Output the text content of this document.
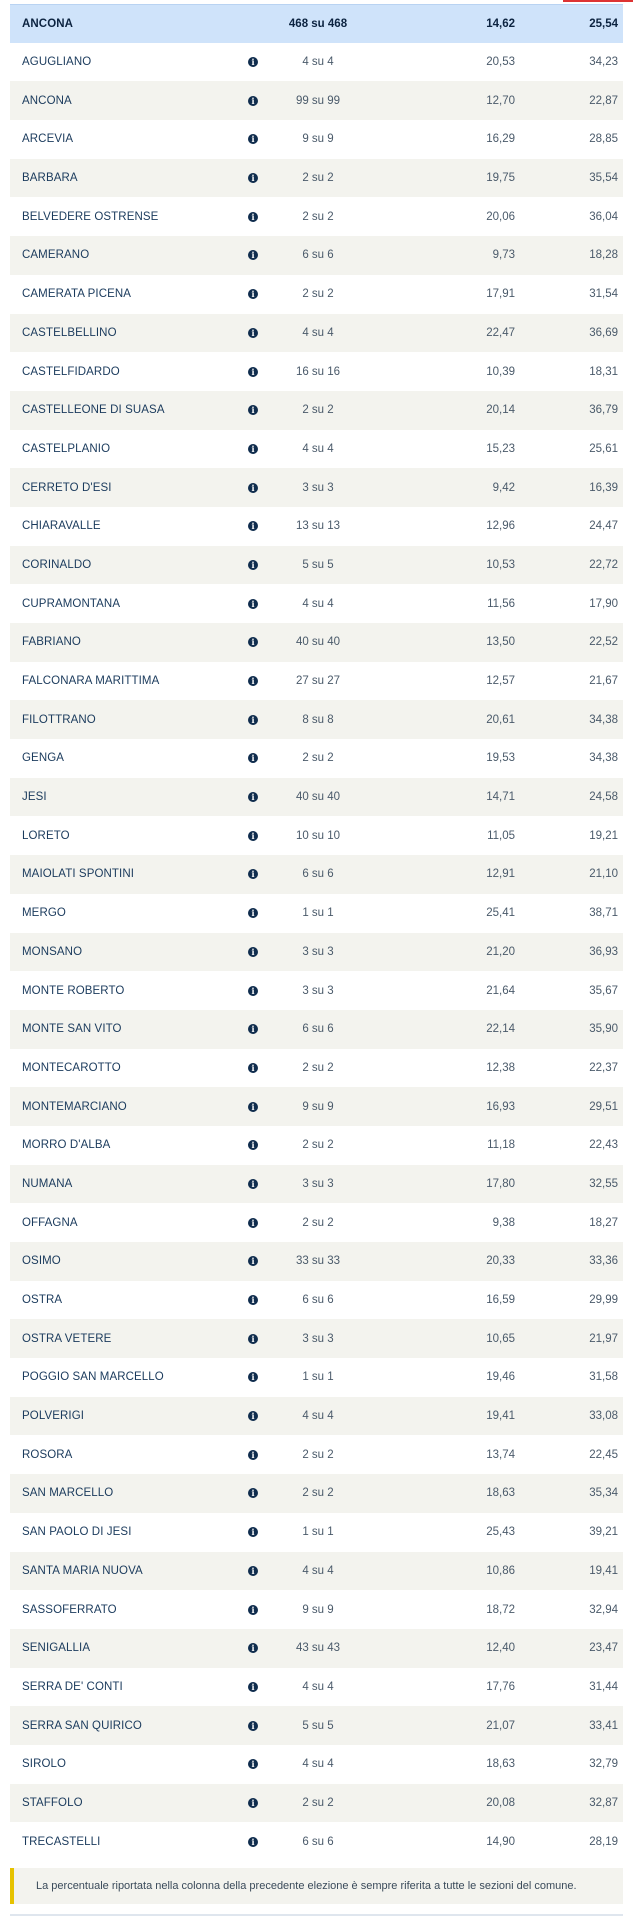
ANCONA	468 su 468	14,62	25,54
AGUGLIANO	i	4 su 4	20,53	34,23
ANCONA	i	99 su 99	12,70	22,87
ARCEVIA	i	9 su 9	16,29	28,85
BARBARA	i	2 su 2	19,75	35,54
BELVEDERE OSTRENSE	i	2 su 2	20,06	36,04
CAMERANO	i	6 su 6	9,73	18,28
CAMERATA PICENA	i	2 su 2	17,91	31,54
CASTELBELLINO	i	4 su 4	22,47	36,69
CASTELFIDARDO	i	16 su 16	10,39	18,31
CASTELLEONE DI SUASA	i	2 su 2	20,14	36,79
CASTELPLANIO	i	4 su 4	15,23	25,61
CERRETO D'ESI	i	3 su 3	9,42	16,39
CHIARAVALLE	i	13 su 13	12,96	24,47
CORINALDO	i	5 su 5	10,53	22,72
CUPRAMONTANA	i	4 su 4	11,56	17,90
FABRIANO	i	40 su 40	13,50	22,52
FALCONARA MARITTIMA	i	27 su 27	12,57	21,67
FILOTTRANO	i	8 su 8	20,61	34,38
GENGA	i	2 su 2	19,53	34,38
JESI	i	40 su 40	14,71	24,58
LORETO	i	10 su 10	11,05	19,21
MAIOLATI SPONTINI	i	6 su 6	12,91	21,10
MERGO	i	1 su 1	25,41	38,71
MONSANO	i	3 su 3	21,20	36,93
MONTE ROBERTO	i	3 su 3	21,64	35,67
MONTE SAN VITO	i	6 su 6	22,14	35,90
MONTECAROTTO	i	2 su 2	12,38	22,37
MONTEMARCIANO	i	9 su 9	16,93	29,51
MORRO D'ALBA	i	2 su 2	11,18	22,43
NUMANA	i	3 su 3	17,80	32,55
OFFAGNA	i	2 su 2	9,38	18,27
OSIMO	i	33 su 33	20,33	33,36
OSTRA	i	6 su 6	16,59	29,99
OSTRA VETERE	i	3 su 3	10,65	21,97
POGGIO SAN MARCELLO	i	1 su 1	19,46	31,58
POLVERIGI	i	4 su 4	19,41	33,08
ROSORA	i	2 su 2	13,74	22,45
SAN MARCELLO	i	2 su 2	18,63	35,34
SAN PAOLO DI JESI	i	1 su 1	25,43	39,21
SANTA MARIA NUOVA	i	4 su 4	10,86	19,41
SASSOFERRATO	i	9 su 9	18,72	32,94
SENIGALLIA	i	43 su 43	12,40	23,47
SERRA DE' CONTI	i	4 su 4	17,76	31,44
SERRA SAN QUIRICO	i	5 su 5	21,07	33,41
SIROLO	i	4 su 4	18,63	32,79
STAFFOLO	i	2 su 2	20,08	32,87
TRECASTELLI	i	6 su 6	14,90	28,19
La percentuale riportata nella colonna della precedente elezione è sempre riferita a tutte le sezioni del comune.
